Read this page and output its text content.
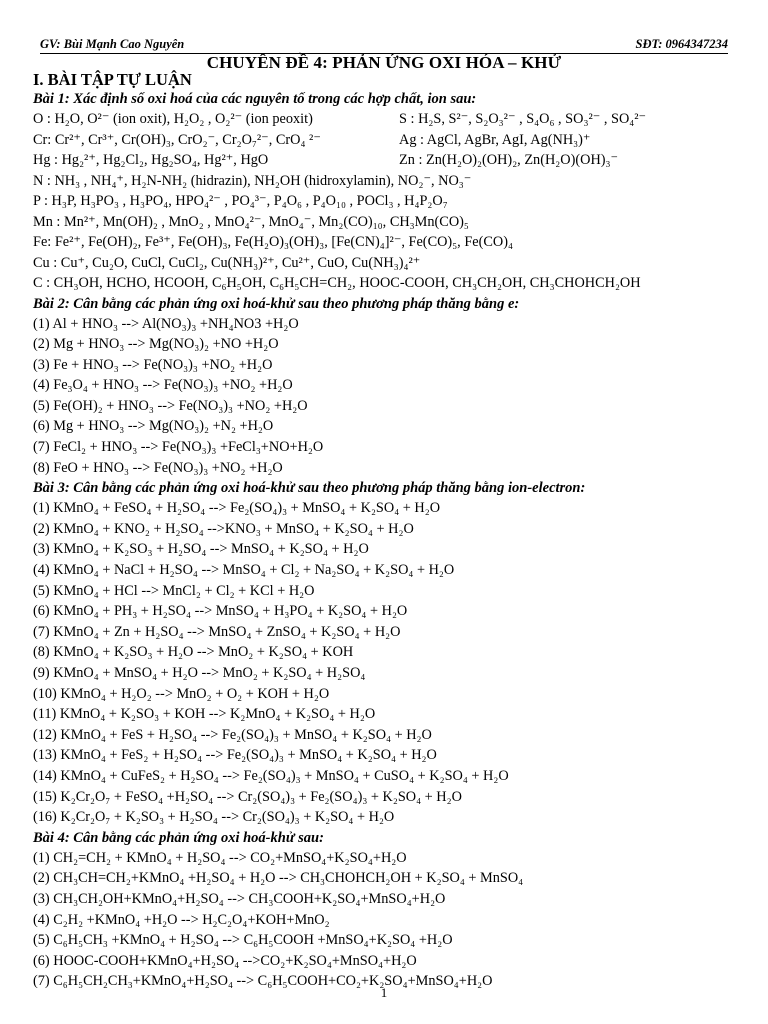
GV: Bùi Mạnh Cao Nguyên	SĐT: 0964347234
CHUYÊN ĐỀ 4: PHẢN ỨNG OXI HÓA – KHỬ
I. BÀI TẬP TỰ LUẬN
Bài 1: Xác định số oxi hoá của các nguyên tố trong các hợp chất, ion sau:
O : H₂O, O²⁻ (ion oxit), H₂O₂ , O₂²⁻ (ion peoxit)	S : H₂S, S²⁻, S₂O₃²⁻ , S₄O₆ , SO₃²⁻ , SO₄²⁻
Cr: Cr²⁺, Cr³⁺, Cr(OH)₃, CrO₂⁻, Cr₂O₇²⁻, CrO₄ ²⁻	Ag : AgCl, AgBr, AgI, Ag(NH₃)⁺
Hg : Hg₂²⁺, Hg₂Cl₂, Hg₂SO₄, Hg²⁺, HgO	Zn : Zn(H₂O)₂(OH)₂, Zn(H₂O)(OH)₃⁻
N : NH₃ , NH₄⁺, H₂N-NH₂ (hidrazin), NH₂OH (hidroxylamin), NO₂⁻, NO₃⁻
P : H₃P, H₃PO₃ , H₃PO₄, HPO₄²⁻ , PO₄³⁻, P₄O₆ , P₄O₁₀ , POCl₃ , H₄P₂O₇
Mn : Mn²⁺, Mn(OH)₂ , MnO₂ , MnO₄²⁻, MnO₄⁻, Mn₂(CO)₁₀, CH₃Mn(CO)₅
Fe: Fe²⁺, Fe(OH)₂, Fe³⁺, Fe(OH)₃, Fe(H₂O)₃(OH)₃, [Fe(CN)₄]²⁻, Fe(CO)₅, Fe(CO)₄
Cu : Cu⁺, Cu₂O, CuCl, CuCl₂, Cu(NH₃)²⁺, Cu²⁺, CuO, Cu(NH₃)₄²⁺
C : CH₃OH, HCHO, HCOOH, C₆H₅OH, C₆H₅CH=CH₂, HOOC-COOH, CH₃CH₂OH, CH₃CHOHCH₂OH
Bài 2: Cân bằng các phản ứng oxi hoá-khử sau theo phương pháp thăng bằng e:
(1) Al + HNO₃ --> Al(NO₃)₃ +NH₄NO3 +H₂O
(2) Mg + HNO₃ --> Mg(NO₃)₂ +NO +H₂O
(3) Fe + HNO₃ --> Fe(NO₃)₃ +NO₂ +H₂O
(4) Fe₃O₄ + HNO₃ --> Fe(NO₃)₃ +NO₂ +H₂O
(5) Fe(OH)₂ + HNO₃ --> Fe(NO₃)₃ +NO₂ +H₂O
(6) Mg + HNO₃ --> Mg(NO₃)₂ +N₂ +H₂O
(7) FeCl₂ + HNO₃ --> Fe(NO₃)₃ +FeCl₃+NO+H₂O
(8) FeO + HNO₃ --> Fe(NO₃)₃ +NO₂ +H₂O
Bài 3: Cân bằng các phản ứng oxi hoá-khử sau theo phương pháp thăng bằng ion-electron:
(1) KMnO₄ + FeSO₄ + H₂SO₄ --> Fe₂(SO₄)₃ + MnSO₄ + K₂SO₄ + H₂O
(2) KMnO₄ + KNO₂ + H₂SO₄ -->KNO₃ + MnSO₄ + K₂SO₄ + H₂O
(3) KMnO₄ + K₂SO₃ + H₂SO₄ --> MnSO₄ + K₂SO₄ + H₂O
(4) KMnO₄ + NaCl + H₂SO₄ --> MnSO₄ + Cl₂ + Na₂SO₄ + K₂SO₄ + H₂O
(5) KMnO₄ + HCl --> MnCl₂ + Cl₂ + KCl + H₂O
(6) KMnO₄ + PH₃ + H₂SO₄ --> MnSO₄ + H₃PO₄ + K₂SO₄ + H₂O
(7) KMnO₄ + Zn + H₂SO₄ --> MnSO₄ + ZnSO₄ + K₂SO₄ + H₂O
(8) KMnO₄ + K₂SO₃ + H₂O --> MnO₂ + K₂SO₄ + KOH
(9) KMnO₄ + MnSO₄ + H₂O --> MnO₂ + K₂SO₄ + H₂SO₄
(10) KMnO₄ + H₂O₂ --> MnO₂ + O₂ + KOH + H₂O
(11) KMnO₄ + K₂SO₃ + KOH --> K₂MnO₄ + K₂SO₄ + H₂O
(12) KMnO₄ + FeS + H₂SO₄ --> Fe₂(SO₄)₃ + MnSO₄ + K₂SO₄ + H₂O
(13) KMnO₄ + FeS₂ + H₂SO₄ --> Fe₂(SO₄)₃ + MnSO₄ + K₂SO₄ + H₂O
(14) KMnO₄ + CuFeS₂ + H₂SO₄ --> Fe₂(SO₄)₃ + MnSO₄ + CuSO₄ + K₂SO₄ + H₂O
(15) K₂Cr₂O₇ + FeSO₄ +H₂SO₄ --> Cr₂(SO₄)₃ + Fe₂(SO₄)₃ + K₂SO₄ + H₂O
(16) K₂Cr₂O₇ + K₂SO₃ + H₂SO₄ --> Cr₂(SO₄)₃ + K₂SO₄ + H₂O
Bài 4: Cân bằng các phản ứng oxi hoá-khử sau:
(1) CH₂=CH₂ + KMnO₄ + H₂SO₄ --> CO₂+MnSO₄+K₂SO₄+H₂O
(2) CH₃CH=CH₂+KMnO₄ +H₂SO₄ + H₂O --> CH₃CHOHCH₂OH + K₂SO₄ + MnSO₄
(3) CH₃CH₂OH+KMnO₄+H₂SO₄ --> CH₃COOH+K₂SO₄+MnSO₄+H₂O
(4) C₂H₂ +KMnO₄ +H₂O --> H₂C₂O₄+KOH+MnO₂
(5) C₆H₅CH₃ +KMnO₄ + H₂SO₄ --> C₆H₅COOH +MnSO₄+K₂SO₄ +H₂O
(6) HOOC-COOH+KMnO₄+H₂SO₄ -->CO₂+K₂SO₄+MnSO₄+H₂O
(7) C₆H₅CH₂CH₃+KMnO₄+H₂SO₄ --> C₆H₅COOH+CO₂+K₂SO₄+MnSO₄+H₂O
1
